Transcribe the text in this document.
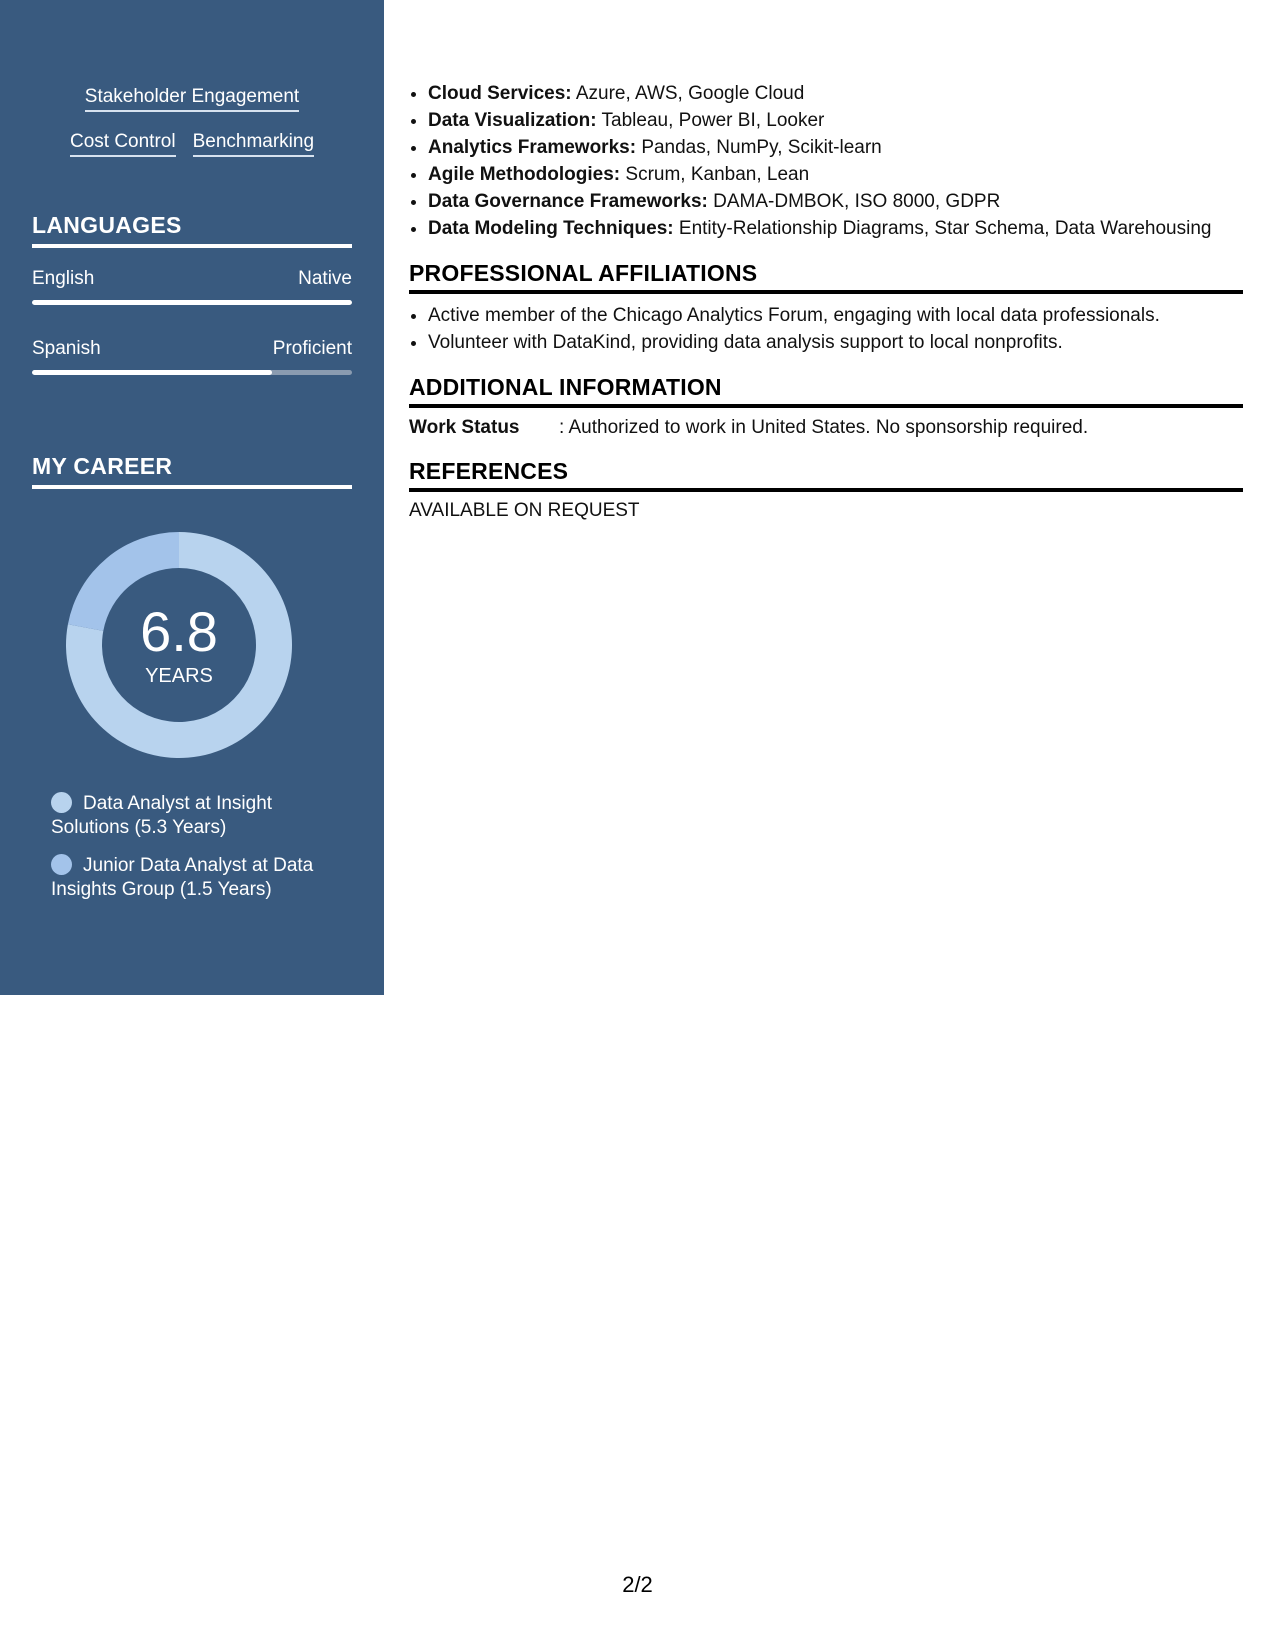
Stakeholder Engagement
Cost Control Benchmarking
LANGUAGES
English	Native
Spanish	Proficient
MY CAREER
6.8
YEARS
Data Analyst at Insight Solutions (5.3 Years)
Junior Data Analyst at Data Insights Group (1.5 Years)
• Cloud Services: Azure, AWS, Google Cloud
• Data Visualization: Tableau, Power BI, Looker
• Analytics Frameworks: Pandas, NumPy, Scikit-learn
• Agile Methodologies: Scrum, Kanban, Lean
• Data Governance Frameworks: DAMA-DMBOK, ISO 8000, GDPR
• Data Modeling Techniques: Entity-Relationship Diagrams, Star Schema, Data Warehousing
PROFESSIONAL AFFILIATIONS
• Active member of the Chicago Analytics Forum, engaging with local data professionals.
• Volunteer with DataKind, providing data analysis support to local nonprofits.
ADDITIONAL INFORMATION
Work Status	: Authorized to work in United States. No sponsorship required.
REFERENCES
AVAILABLE ON REQUEST
2/2
